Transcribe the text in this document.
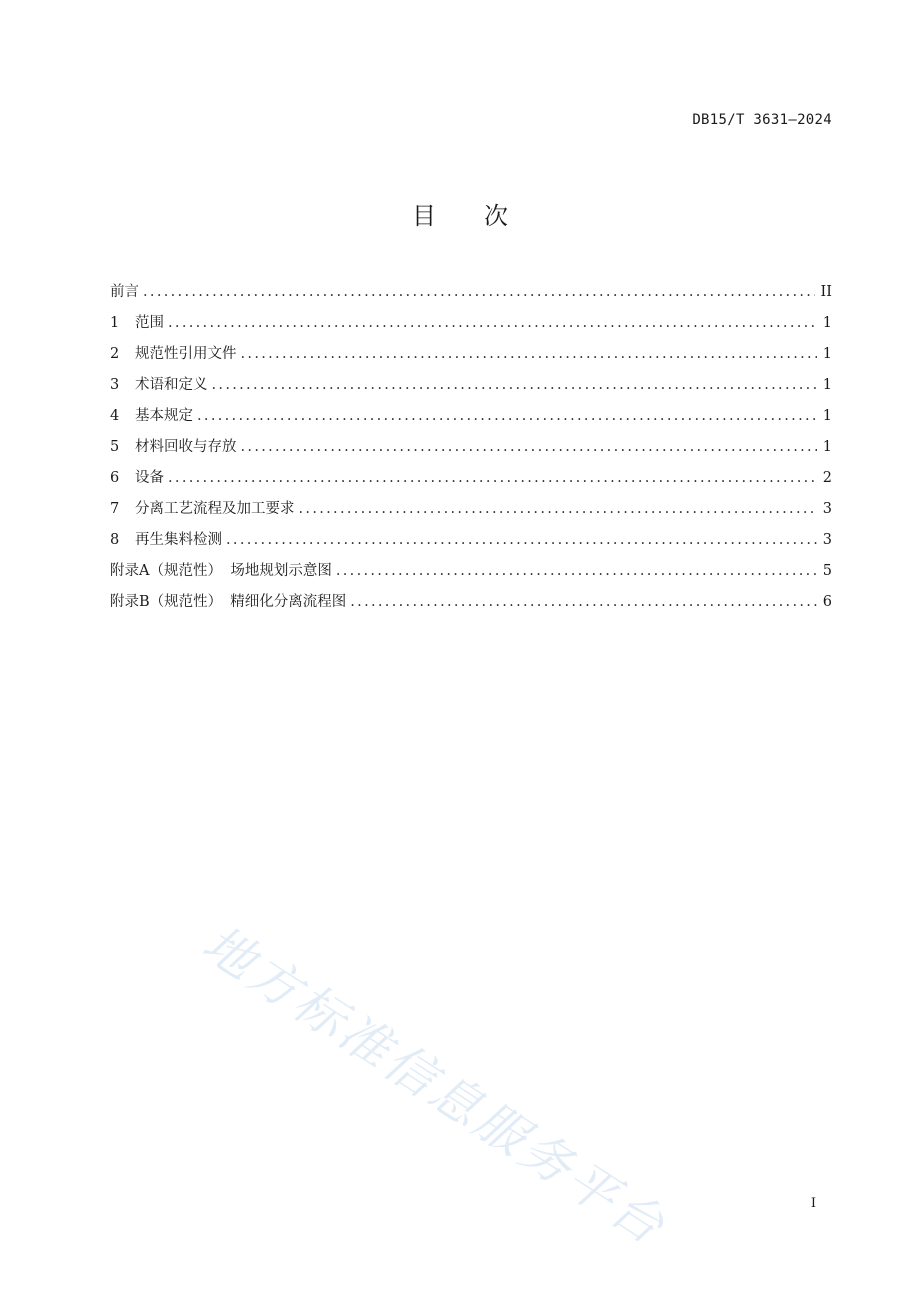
DB15/T 3631—2024
目次
前言 .....	II
1	范围 .....	1
2	规范性引用文件 .....	1
3	术语和定义 .....	1
4	基本规定 .....	1
5	材料回收与存放 .....	1
6	设备 .....	2
7	分离工艺流程及加工要求 .....	3
8	再生集料检测 .....	3
附录A（规范性） 场地规划示意图 .....	5
附录B（规范性） 精细化分离流程图 .....	6
地方标准信息服务平台	I
